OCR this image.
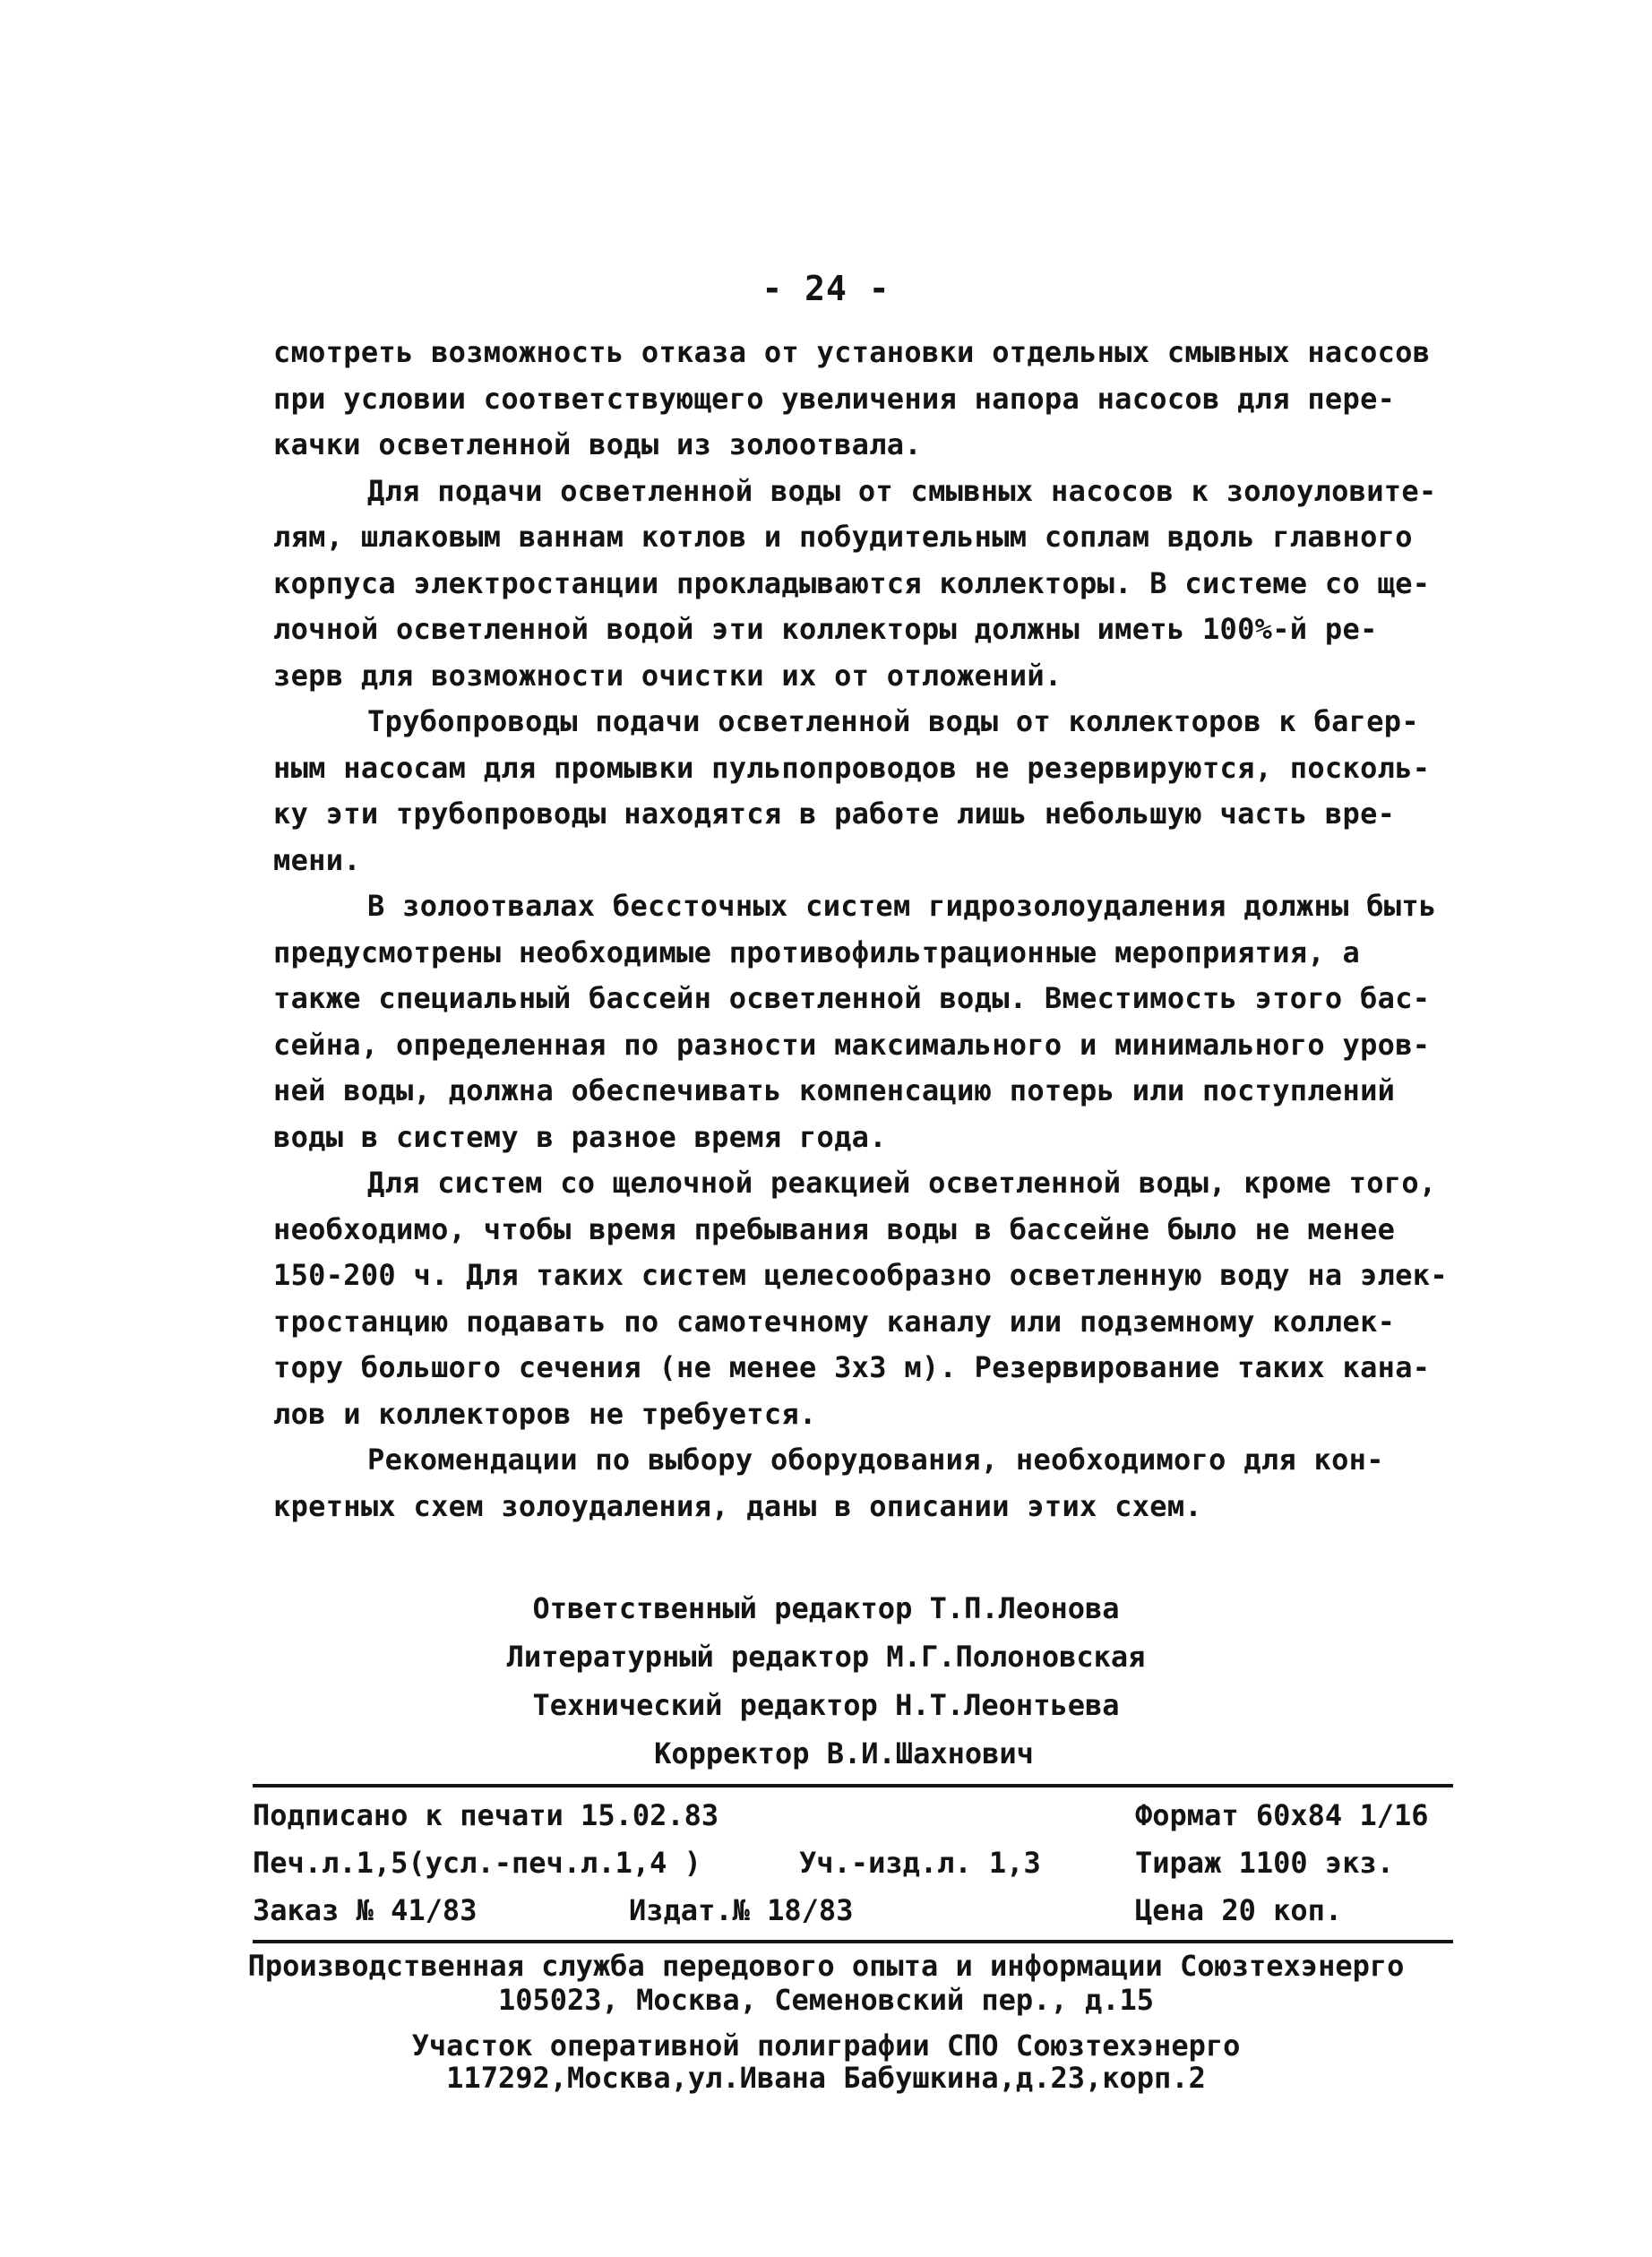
- 24 -
смотреть возможность отказа от установки отдельных смывных насосов
при условии соответствующего увеличения напора насосов для пере-
качки осветленной воды из золоотвала.
Для подачи осветленной воды от смывных насосов к золоуловите-
лям, шлаковым ваннам котлов и побудительным соплам вдоль главного
корпуса электростанции прокладываются коллекторы. В системе со ще-
лочной осветленной водой эти коллекторы должны иметь 100%-й ре-
зерв для возможности очистки их от отложений.
Трубопроводы подачи осветленной воды от коллекторов к багер-
ным насосам для промывки пульпопроводов не резервируются, посколь-
ку эти трубопроводы находятся в работе лишь небольшую часть вре-
мени.
В золоотвалах бессточных систем гидрозолоудаления должны быть
предусмотрены необходимые противофильтрационные мероприятия, а
также специальный бассейн осветленной воды. Вместимость этого бас-
сейна, определенная по разности максимального и минимального уров-
ней воды, должна обеспечивать компенсацию потерь или поступлений
воды в систему в разное время года.
Для систем со щелочной реакцией осветленной воды, кроме того,
необходимо, чтобы время пребывания воды в бассейне было не менее
150-200 ч. Для таких систем целесообразно осветленную воду на элек-
тростанцию подавать по самотечному каналу или подземному коллек-
тору большого сечения (не менее 3х3 м). Резервирование таких кана-
лов и коллекторов не требуется.
Рекомендации по выбору оборудования, необходимого для кон-
кретных схем золоудаления, даны в описании этих схем.
Ответственный редактор Т.П.Леонова
Литературный редактор М.Г.Полоновская
Технический редактор Н.Т.Леонтьева
Корректор В.И.Шахнович
Подписано к печати 15.02.83	Формат 60х84 1/16
Печ.л.1,5(усл.-печ.л.1,4 )	Уч.-изд.л. 1,3	Тираж 1100 экз.
Заказ № 41/83	Издат.№ 18/83	Цена 20 коп.
Производственная служба передового опыта и информации Союзтехэнерго
105023, Москва, Семеновский пер., д.15
Участок оперативной полиграфии СПО Союзтехэнерго
117292,Москва,ул.Ивана Бабушкина,д.23,корп.2
